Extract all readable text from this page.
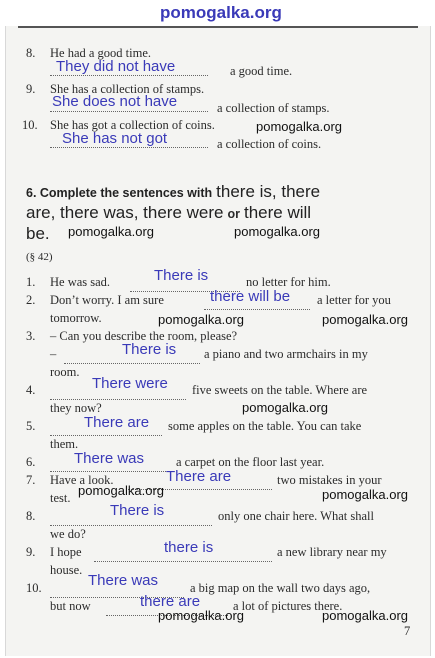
pomogalka.org
8. He had a good time.
They did not have	a good time.
9. She has a collection of stamps.
She does not have	a collection of stamps.
10. She has got a collection of coins.	pomogalka.org
She has not got	a collection of coins.
6. Complete the sentences with there is, there
are, there was, there were or there will
be. pomogalka.org	pomogalka.org
(§ 42)
1. He was sad.	There is	no letter for him.
2. Don’t worry. I am sure	there will be a letter for you
tomorrow.	pomogalka.org	pomogalka.org
3. – Can you describe the room, please?
–	There is a piano and two armchairs in my
room.
4.	There were five sweets on the table. Where are
they now?	pomogalka.org
5.	There are some apples on the table. You can take
them.
6.	There was	a carpet on the floor last year.
7. Have a look.	There are	two mistakes in your
test. pomogalka.org	pomogalka.org
8.	There is	only one chair here. What shall
we do?
9. I hope	there is	a new library near my
house.
10.	There was	a big map on the wall two days ago,
but now	there are	a lot of pictures there.
pomogalka.org	pomogalka.org
7
